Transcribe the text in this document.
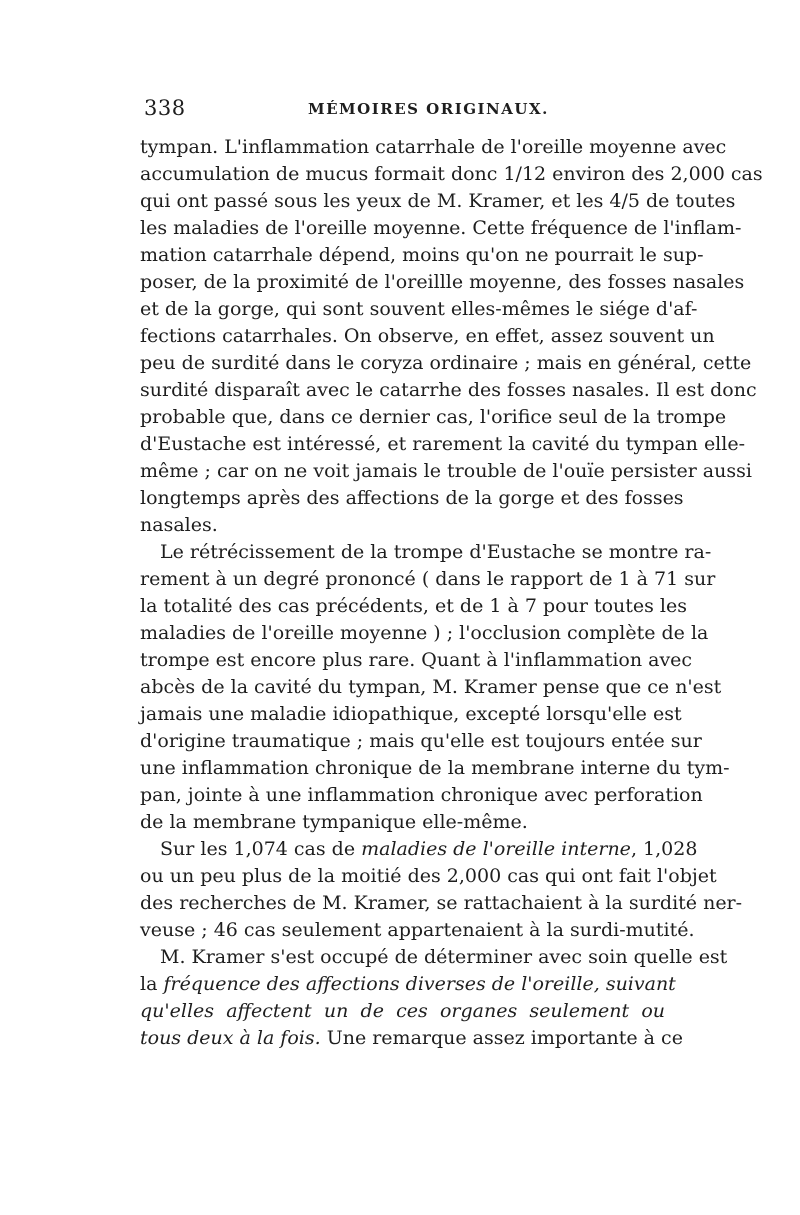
338	MÉMOIRES ORIGINAUX.
tympan. L'inflammation catarrhale de l'oreille moyenne avec
accumulation de mucus formait donc 1/12 environ des 2,000 cas
qui ont passé sous les yeux de M. Kramer, et les 4/5 de toutes
les maladies de l'oreille moyenne. Cette fréquence de l'inflam-
mation catarrhale dépend, moins qu'on ne pourrait le sup-
poser, de la proximité de l'oreillle moyenne, des fosses nasales
et de la gorge, qui sont souvent elles-mêmes le siége d'af-
fections catarrhales. On observe, en effet, assez souvent un
peu de surdité dans le coryza ordinaire ; mais en général, cette
surdité disparaît avec le catarrhe des fosses nasales. Il est donc
probable que, dans ce dernier cas, l'orifice seul de la trompe
d'Eustache est intéressé, et rarement la cavité du tympan elle-
même ; car on ne voit jamais le trouble de l'ouïe persister aussi
longtemps après des affections de la gorge et des fosses
nasales.
Le rétrécissement de la trompe d'Eustache se montre ra-
rement à un degré prononcé ( dans le rapport de 1 à 71 sur
la totalité des cas précédents, et de 1 à 7 pour toutes les
maladies de l'oreille moyenne ) ; l'occlusion complète de la
trompe est encore plus rare. Quant à l'inflammation avec
abcès de la cavité du tympan, M. Kramer pense que ce n'est
jamais une maladie idiopathique, excepté lorsqu'elle est
d'origine traumatique ; mais qu'elle est toujours entée sur
une inflammation chronique de la membrane interne du tym-
pan, jointe à une inflammation chronique avec perforation
de la membrane tympanique elle-même.
Sur les 1,074 cas de maladies de l'oreille interne, 1,028
ou un peu plus de la moitié des 2,000 cas qui ont fait l'objet
des recherches de M. Kramer, se rattachaient à la surdité ner-
veuse ; 46 cas seulement appartenaient à la surdi-mutité.
M. Kramer s'est occupé de déterminer avec soin quelle est
la fréquence des affections diverses de l'oreille, suivant
qu'elles affectent un de ces organes seulement ou
tous deux à la fois. Une remarque assez importante à ce
